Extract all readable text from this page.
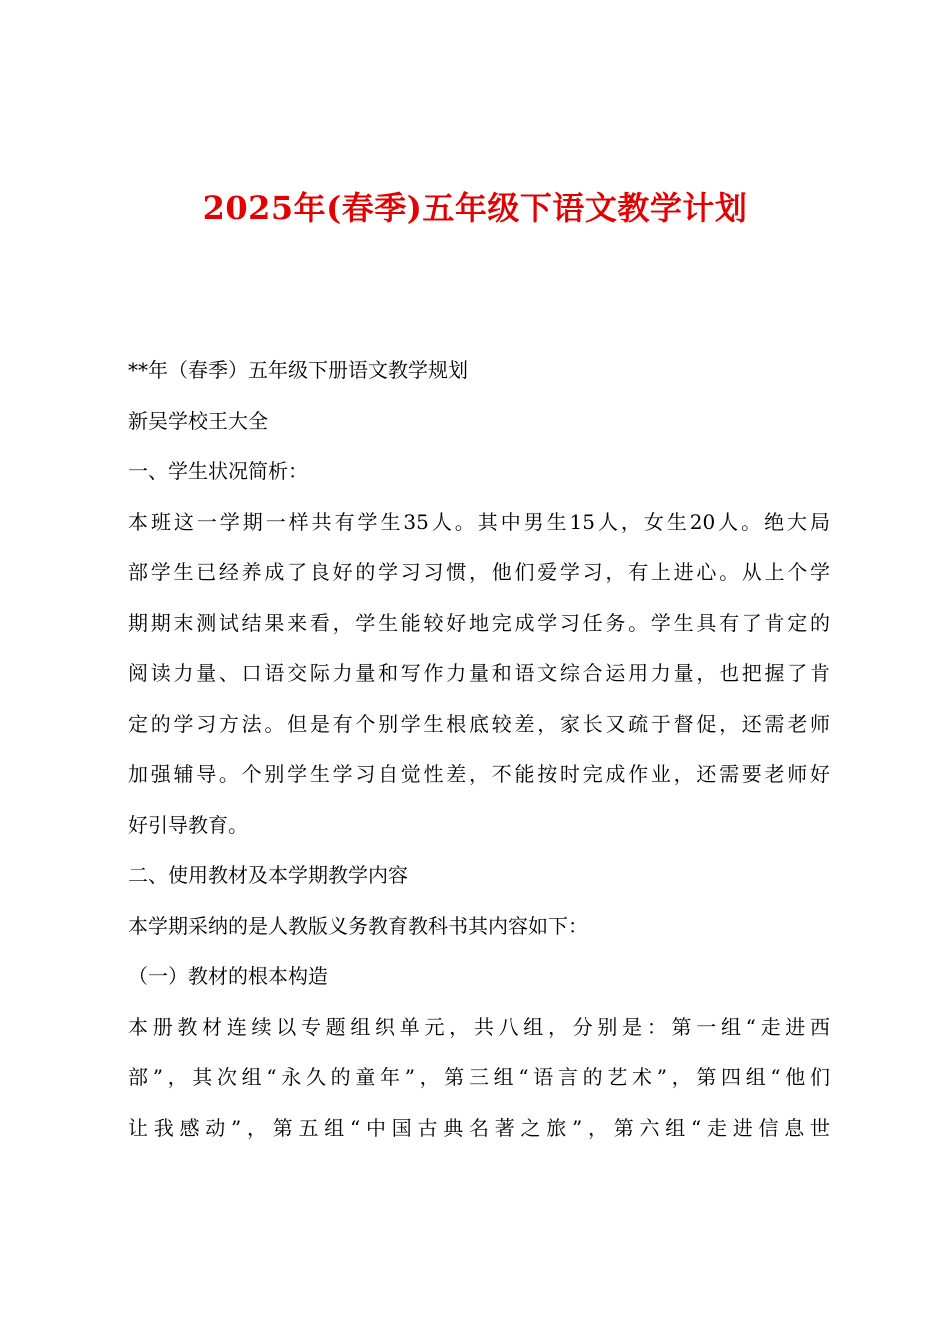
2025年(春季)五年级下语文教学计划
**年（春季）五年级下册语文教学规划
新吴学校王大全
一、学生状况简析：
本班这一学期一样共有学生35人。其中男生15人，女生20人。绝大局
部学生已经养成了良好的学习习惯，他们爱学习，有上进心。从上个学
期期末测试结果来看，学生能较好地完成学习任务。学生具有了肯定的
阅读力量、口语交际力量和写作力量和语文综合运用力量，也把握了肯
定的学习方法。但是有个别学生根底较差，家长又疏于督促，还需老师
加强辅导。个别学生学习自觉性差，不能按时完成作业，还需要老师好
好引导教育。
二、使用教材及本学期教学内容
本学期采纳的是人教版义务教育教科书其内容如下：
（一）教材的根本构造
本册教材连续以专题组织单元，共八组，分别是：第一组“走进西
部”，其次组“永久的童年”，第三组“语言的艺术”，第四组“他们
让我感动”，第五组“中国古典名著之旅”，第六组“走进信息世
